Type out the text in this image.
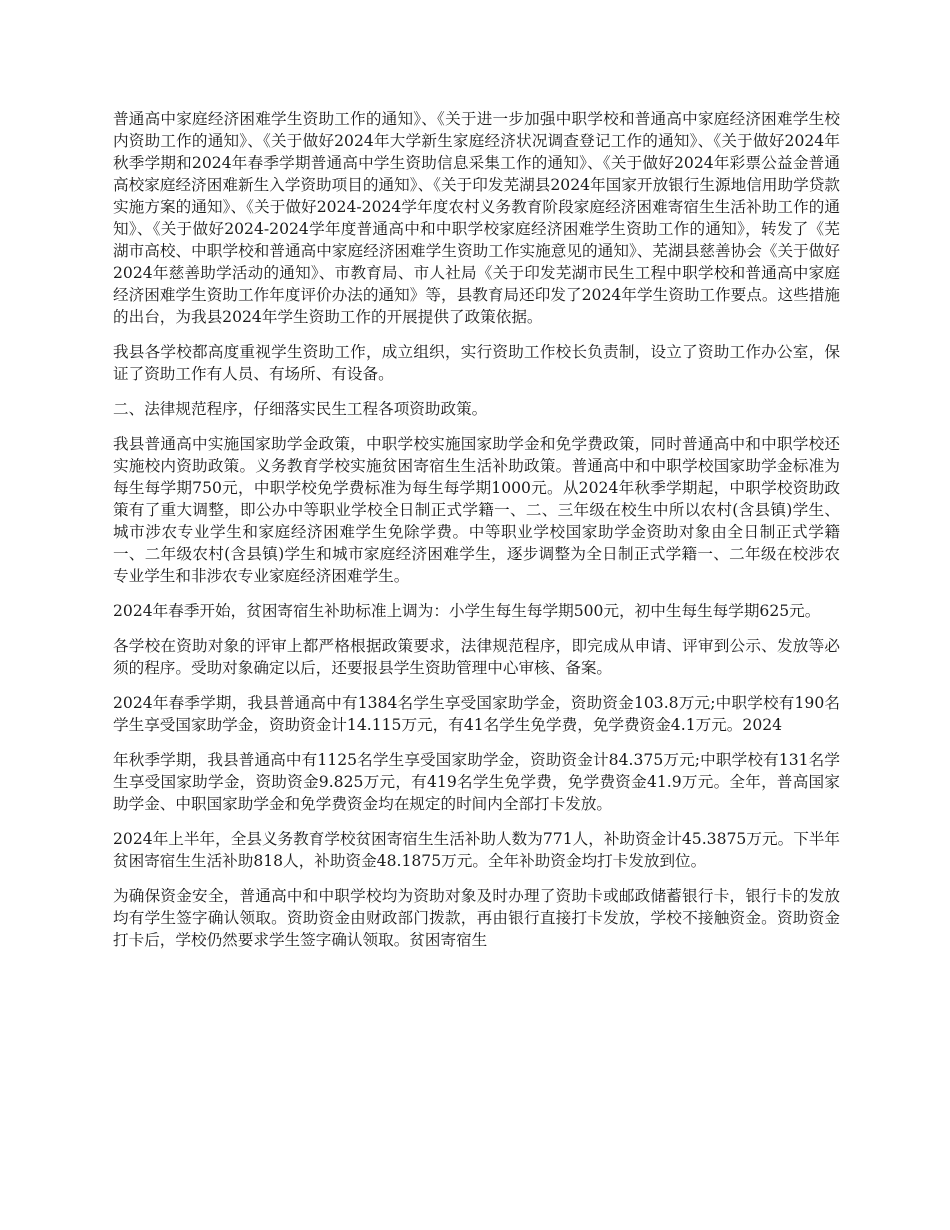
普通高中家庭经济困难学生资助工作的通知》、《关于进一步加强中职学校和普通高中家庭经济困难学生校内资助工作的通知》、《关于做好2024年大学新生家庭经济状况调查登记工作的通知》、《关于做好2024年秋季学期和2024年春季学期普通高中学生资助信息采集工作的通知》、《关于做好2024年彩票公益金普通高校家庭经济困难新生入学资助项目的通知》、《关于印发芜湖县2024年国家开放银行生源地信用助学贷款实施方案的通知》、《关于做好2024-2024学年度农村义务教育阶段家庭经济困难寄宿生生活补助工作的通知》、《关于做好2024-2024学年度普通高中和中职学校家庭经济困难学生资助工作的通知》，转发了《芜湖市高校、中职学校和普通高中家庭经济困难学生资助工作实施意见的通知》、芜湖县慈善协会《关于做好2024年慈善助学活动的通知》、市教育局、市人社局《关于印发芜湖市民生工程中职学校和普通高中家庭经济困难学生资助工作年度评价办法的通知》等，县教育局还印发了2024年学生资助工作要点。这些措施的出台，为我县2024年学生资助工作的开展提供了政策依据。

我县各学校都高度重视学生资助工作，成立组织，实行资助工作校长负责制，设立了资助工作办公室，保证了资助工作有人员、有场所、有设备。

二、法律规范程序，仔细落实民生工程各项资助政策。

我县普通高中实施国家助学金政策，中职学校实施国家助学金和免学费政策，同时普通高中和中职学校还实施校内资助政策。义务教育学校实施贫困寄宿生生活补助政策。普通高中和中职学校国家助学金标准为每生每学期750元，中职学校免学费标准为每生每学期1000元。从2024年秋季学期起，中职学校资助政策有了重大调整，即公办中等职业学校全日制正式学籍一、二、三年级在校生中所以农村(含县镇)学生、城市涉农专业学生和家庭经济困难学生免除学费。中等职业学校国家助学金资助对象由全日制正式学籍一、二年级农村(含县镇)学生和城市家庭经济困难学生，逐步调整为全日制正式学籍一、二年级在校涉农专业学生和非涉农专业家庭经济困难学生。

2024年春季开始，贫困寄宿生补助标准上调为：小学生每生每学期500元，初中生每生每学期625元。

各学校在资助对象的评审上都严格根据政策要求，法律规范程序，即完成从申请、评审到公示、发放等必须的程序。受助对象确定以后，还要报县学生资助管理中心审核、备案。

2024年春季学期，我县普通高中有1384名学生享受国家助学金，资助资金103.8万元;中职学校有190名学生享受国家助学金，资助资金计14.115万元，有41名学生免学费，免学费资金4.1万元。2024

年秋季学期，我县普通高中有1125名学生享受国家助学金，资助资金计84.375万元;中职学校有131名学生享受国家助学金，资助资金9.825万元，有419名学生免学费，免学费资金41.9万元。全年，普高国家助学金、中职国家助学金和免学费资金均在规定的时间内全部打卡发放。

2024年上半年，全县义务教育学校贫困寄宿生生活补助人数为771人，补助资金计45.3875万元。下半年贫困寄宿生生活补助818人，补助资金48.1875万元。全年补助资金均打卡发放到位。

为确保资金安全，普通高中和中职学校均为资助对象及时办理了资助卡或邮政储蓄银行卡，银行卡的发放均有学生签字确认领取。资助资金由财政部门拨款，再由银行直接打卡发放，学校不接触资金。资助资金打卡后，学校仍然要求学生签字确认领取。贫困寄宿生
